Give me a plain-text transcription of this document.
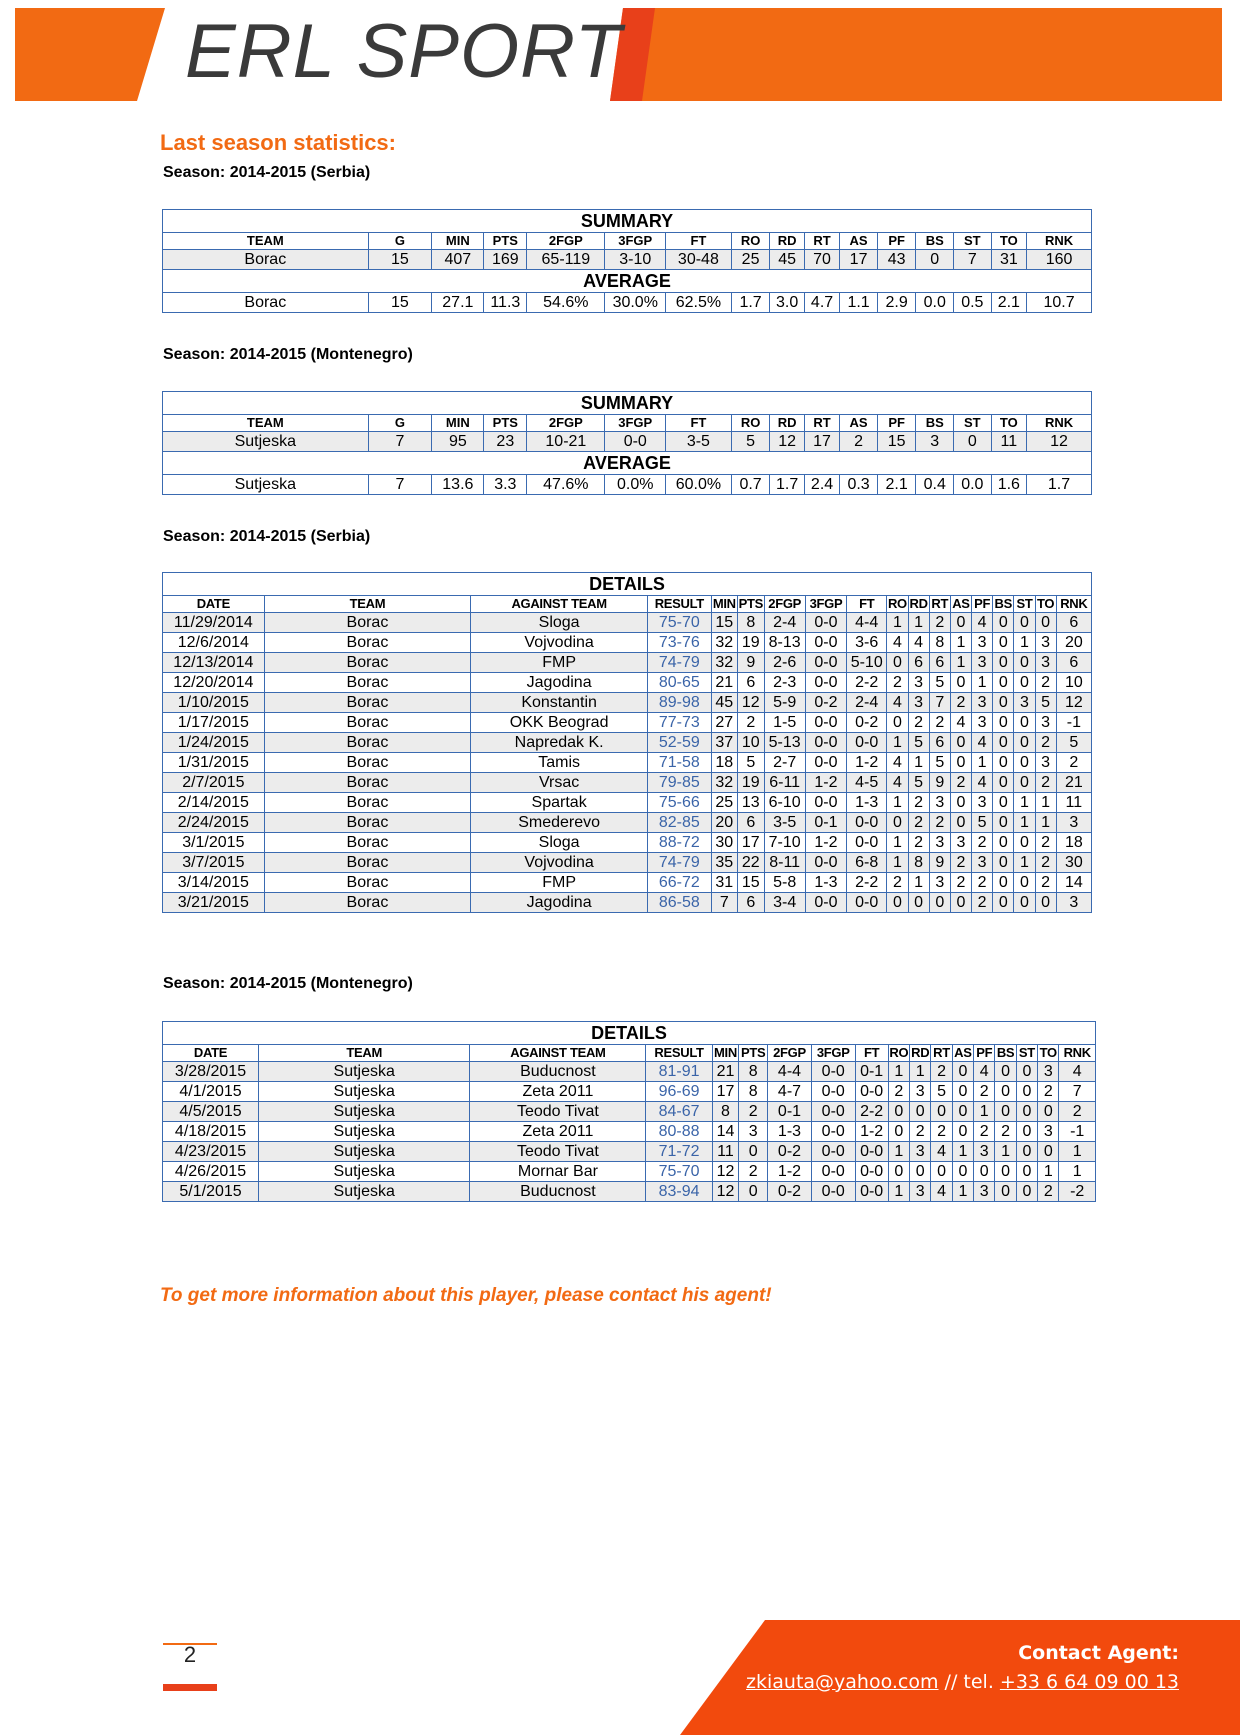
ERL SPORT
Last season statistics:
Season: 2014-2015 (Serbia)
SUMMARY															
TEAM	G	MIN	PTS	2FGP	3FGP	FT	RO	RD	RT	AS	PF	BS	ST	TO	RNK
Borac	15	407	169	65-119	3-10	30-48	25	45	70	17	43	0	7	31	160
AVERAGE															
Borac	15	27.1	11.3	54.6%	30.0%	62.5%	1.7	3.0	4.7	1.1	2.9	0.0	0.5	2.1	10.7
Season: 2014-2015 (Montenegro)
SUMMARY															
TEAM	G	MIN	PTS	2FGP	3FGP	FT	RO	RD	RT	AS	PF	BS	ST	TO	RNK
Sutjeska	7	95	23	10-21	0-0	3-5	5	12	17	2	15	3	0	11	12
AVERAGE															
Sutjeska	7	13.6	3.3	47.6%	0.0%	60.0%	0.7	1.7	2.4	0.3	2.1	0.4	0.0	1.6	1.7
Season: 2014-2015 (Serbia)
DETAILS																	
DATE	TEAM	AGAINST TEAM	RESULT	MIN	PTS	2FGP	3FGP	FT	RO	RD	RT	AS	PF	BS	ST	TO	RNK
11/29/2014	Borac	Sloga	75-70	15	8	2-4	0-0	4-4	1	1	2	0	4	0	0	0	6
12/6/2014	Borac	Vojvodina	73-76	32	19	8-13	0-0	3-6	4	4	8	1	3	0	1	3	20
12/13/2014	Borac	FMP	74-79	32	9	2-6	0-0	5-10	0	6	6	1	3	0	0	3	6
12/20/2014	Borac	Jagodina	80-65	21	6	2-3	0-0	2-2	2	3	5	0	1	0	0	2	10
1/10/2015	Borac	Konstantin	89-98	45	12	5-9	0-2	2-4	4	3	7	2	3	0	3	5	12
1/17/2015	Borac	OKK Beograd	77-73	27	2	1-5	0-0	0-2	0	2	2	4	3	0	0	3	-1
1/24/2015	Borac	Napredak K.	52-59	37	10	5-13	0-0	0-0	1	5	6	0	4	0	0	2	5
1/31/2015	Borac	Tamis	71-58	18	5	2-7	0-0	1-2	4	1	5	0	1	0	0	3	2
2/7/2015	Borac	Vrsac	79-85	32	19	6-11	1-2	4-5	4	5	9	2	4	0	0	2	21
2/14/2015	Borac	Spartak	75-66	25	13	6-10	0-0	1-3	1	2	3	0	3	0	1	1	11
2/24/2015	Borac	Smederevo	82-85	20	6	3-5	0-1	0-0	0	2	2	0	5	0	1	1	3
3/1/2015	Borac	Sloga	88-72	30	17	7-10	1-2	0-0	1	2	3	3	2	0	0	2	18
3/7/2015	Borac	Vojvodina	74-79	35	22	8-11	0-0	6-8	1	8	9	2	3	0	1	2	30
3/14/2015	Borac	FMP	66-72	31	15	5-8	1-3	2-2	2	1	3	2	2	0	0	2	14
3/21/2015	Borac	Jagodina	86-58	7	6	3-4	0-0	0-0	0	0	0	0	2	0	0	0	3
Season: 2014-2015 (Montenegro)
DETAILS																	
DATE	TEAM	AGAINST TEAM	RESULT	MIN	PTS	2FGP	3FGP	FT	RO	RD	RT	AS	PF	BS	ST	TO	RNK
3/28/2015	Sutjeska	Buducnost	81-91	21	8	4-4	0-0	0-1	1	1	2	0	4	0	0	3	4
4/1/2015	Sutjeska	Zeta 2011	96-69	17	8	4-7	0-0	0-0	2	3	5	0	2	0	0	2	7
4/5/2015	Sutjeska	Teodo Tivat	84-67	8	2	0-1	0-0	2-2	0	0	0	0	1	0	0	0	2
4/18/2015	Sutjeska	Zeta 2011	80-88	14	3	1-3	0-0	1-2	0	2	2	0	2	2	0	3	-1
4/23/2015	Sutjeska	Teodo Tivat	71-72	11	0	0-2	0-0	0-0	1	3	4	1	3	1	0	0	1
4/26/2015	Sutjeska	Mornar Bar	75-70	12	2	1-2	0-0	0-0	0	0	0	0	0	0	0	1	1
5/1/2015	Sutjeska	Buducnost	83-94	12	0	0-2	0-0	0-0	1	3	4	1	3	0	0	2	-2
To get more information about this player, please contact his agent!
2	Contact Agent:
zkiauta@yahoo.com // tel. +33 6 64 09 00 13
